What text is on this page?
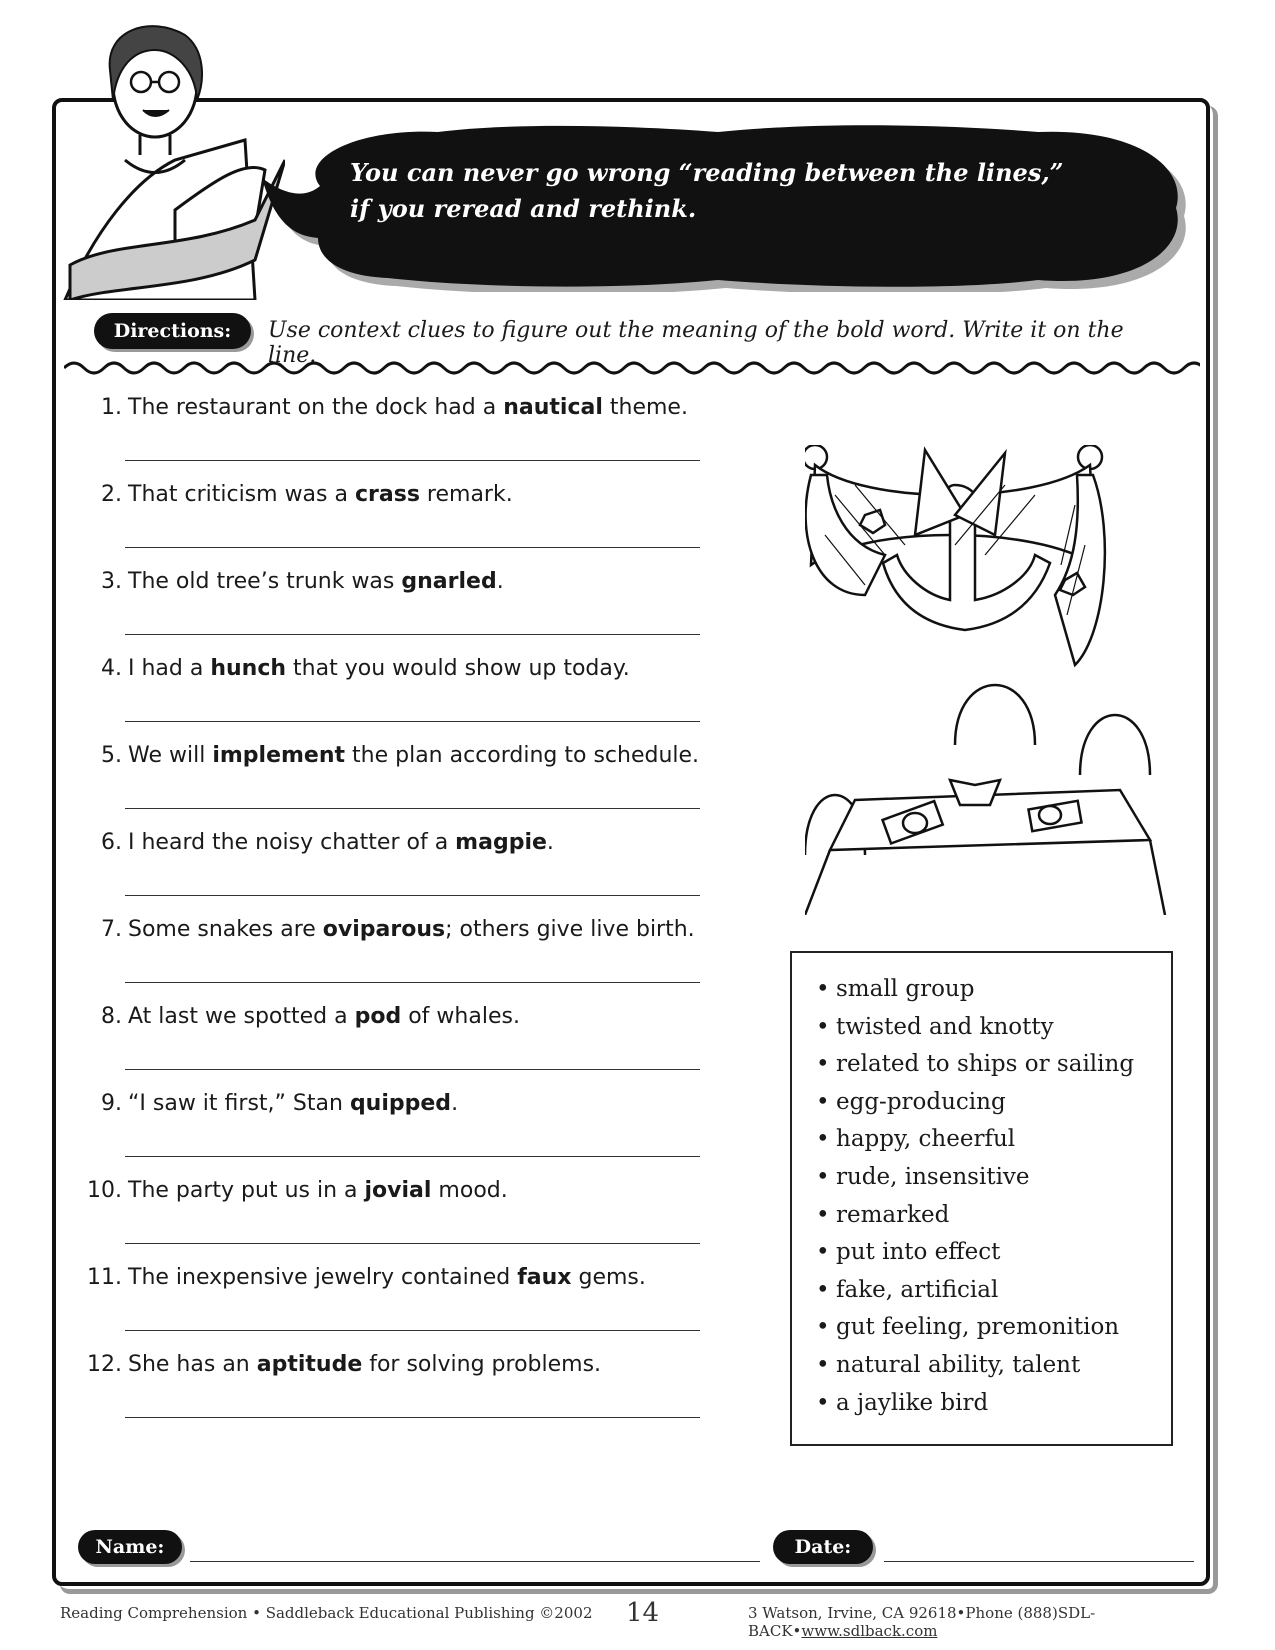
You can never go wrong “reading between the lines,”
if you reread and rethink.
Directions:	Use context clues to figure out the meaning of the bold word. Write it on the line.
1. The restaurant on the dock had a nautical theme.
2. That criticism was a crass remark.
3. The old tree’s trunk was gnarled.
4. I had a hunch that you would show up today.
5. We will implement the plan according to schedule.
6. I heard the noisy chatter of a magpie.
7. Some snakes are oviparous; others give live birth.
8. At last we spotted a pod of whales.
9. “I saw it first,” Stan quipped.
10. The party put us in a jovial mood.
11. The inexpensive jewelry contained faux gems.
12. She has an aptitude for solving problems.
• small group
• twisted and knotty
• related to ships or sailing
• egg-producing
• happy, cheerful
• rude, insensitive
• remarked
• put into effect
• fake, artificial
• gut feeling, premonition
• natural ability, talent
• a jaylike bird
Name:	Date:
Reading Comprehension • Saddleback Educational Publishing ©2002 14	3 Watson, Irvine, CA 92618•Phone (888)SDL-BACK•www.sdlback.com
